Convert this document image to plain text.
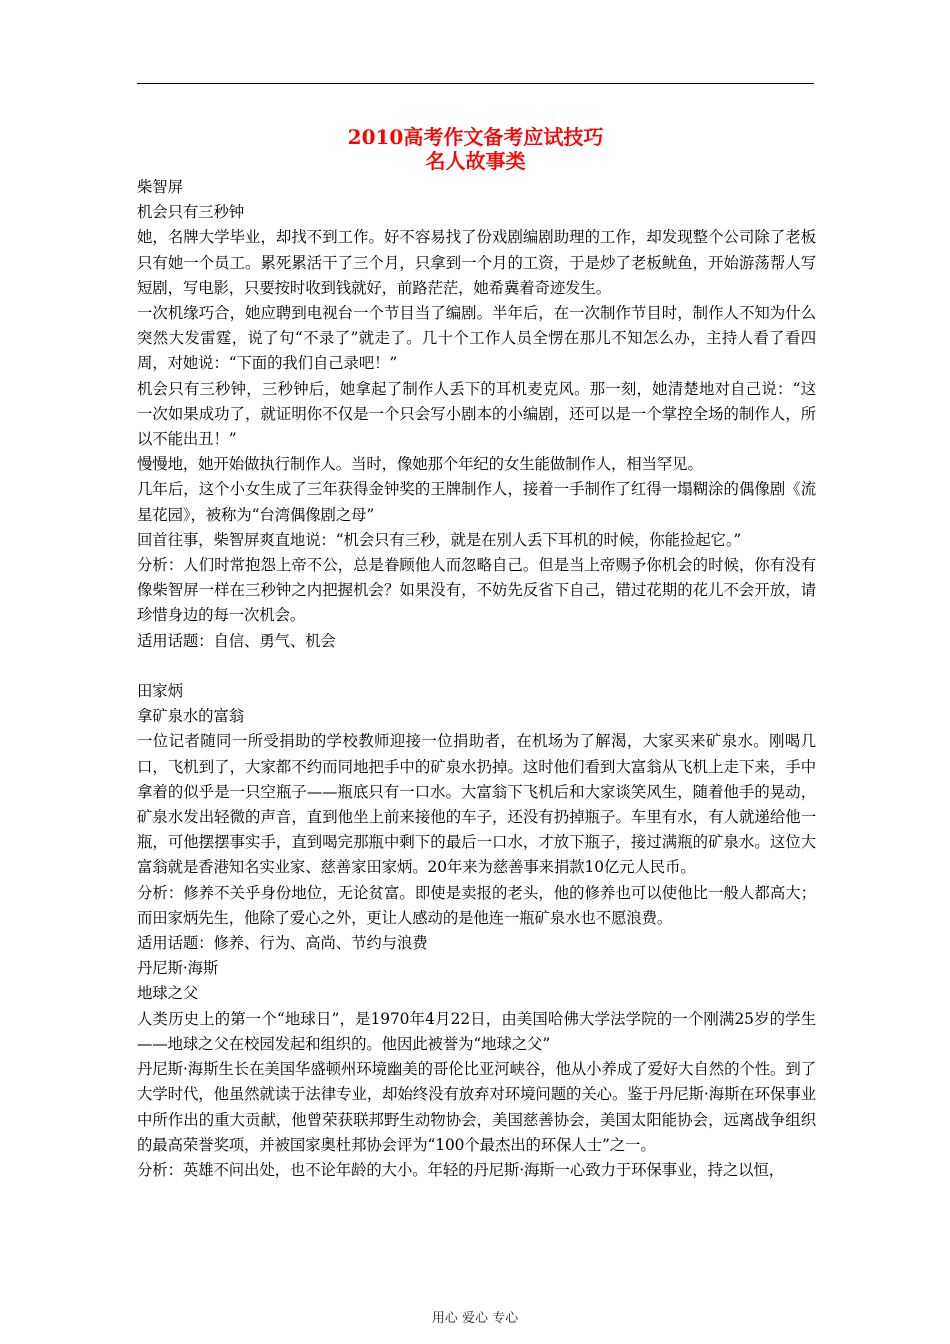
2010高考作文备考应试技巧
名人故事类

柴智屏

机会只有三秒钟

她，名牌大学毕业，却找不到工作。好不容易找了份戏剧编剧助理的工作，却发现整个公司除了老板只有她一个员工。累死累活干了三个月，只拿到一个月的工资，于是炒了老板鱿鱼，开始游荡帮人写短剧，写电影，只要按时收到钱就好，前路茫茫，她希冀着奇迹发生。

一次机缘巧合，她应聘到电视台一个节目当了编剧。半年后，在一次制作节目时，制作人不知为什么突然大发雷霆，说了句“不录了”就走了。几十个工作人员全愣在那儿不知怎么办，主持人看了看四周，对她说：“下面的我们自己录吧！”

机会只有三秒钟，三秒钟后，她拿起了制作人丢下的耳机麦克风。那一刻，她清楚地对自己说：“这一次如果成功了，就证明你不仅是一个只会写小剧本的小编剧，还可以是一个掌控全场的制作人，所以不能出丑！”

慢慢地，她开始做执行制作人。当时，像她那个年纪的女生能做制作人，相当罕见。

几年后，这个小女生成了三年获得金钟奖的王牌制作人，接着一手制作了红得一塌糊涂的偶像剧《流星花园》，被称为“台湾偶像剧之母”

回首往事，柴智屏爽直地说：“机会只有三秒，就是在别人丢下耳机的时候，你能捡起它。”

分析：人们时常抱怨上帝不公，总是眷顾他人而忽略自己。但是当上帝赐予你机会的时候，你有没有像柴智屏一样在三秒钟之内把握机会？如果没有，不妨先反省下自己，错过花期的花儿不会开放，请珍惜身边的每一次机会。

适用话题：自信、勇气、机会

田家炳

拿矿泉水的富翁

一位记者随同一所受捐助的学校教师迎接一位捐助者，在机场为了解渴，大家买来矿泉水。刚喝几口，飞机到了，大家都不约而同地把手中的矿泉水扔掉。这时他们看到大富翁从飞机上走下来，手中拿着的似乎是一只空瓶子——瓶底只有一口水。大富翁下飞机后和大家谈笑风生，随着他手的晃动，矿泉水发出轻微的声音，直到他坐上前来接他的车子，还没有扔掉瓶子。车里有水，有人就递给他一瓶，可他摆摆事实手，直到喝完那瓶中剩下的最后一口水，才放下瓶子，接过满瓶的矿泉水。这位大富翁就是香港知名实业家、慈善家田家炳。20年来为慈善事来捐款10亿元人民币。

分析：修养不关乎身份地位，无论贫富。即使是卖报的老头，他的修养也可以使他比一般人都高大；而田家炳先生，他除了爱心之外，更让人感动的是他连一瓶矿泉水也不愿浪费。

适用话题：修养、行为、高尚、节约与浪费

丹尼斯·海斯

地球之父

人类历史上的第一个“地球日”，是1970年4月22日，由美国哈佛大学法学院的一个刚满25岁的学生——地球之父在校园发起和组织的。他因此被誉为“地球之父”

丹尼斯·海斯生长在美国华盛顿州环境幽美的哥伦比亚河峡谷，他从小养成了爱好大自然的个性。到了大学时代，他虽然就读于法律专业，却始终没有放弃对环境问题的关心。鉴于丹尼斯·海斯在环保事业中所作出的重大贡献，他曾荣获联邦野生动物协会，美国慈善协会，美国太阳能协会，远离战争组织的最高荣誉奖项，并被国家奥杜邦协会评为“100个最杰出的环保人士”之一。

分析：英雄不问出处，也不论年龄的大小。年轻的丹尼斯·海斯一心致力于环保事业，持之以恒，

用心 爱心 专心
